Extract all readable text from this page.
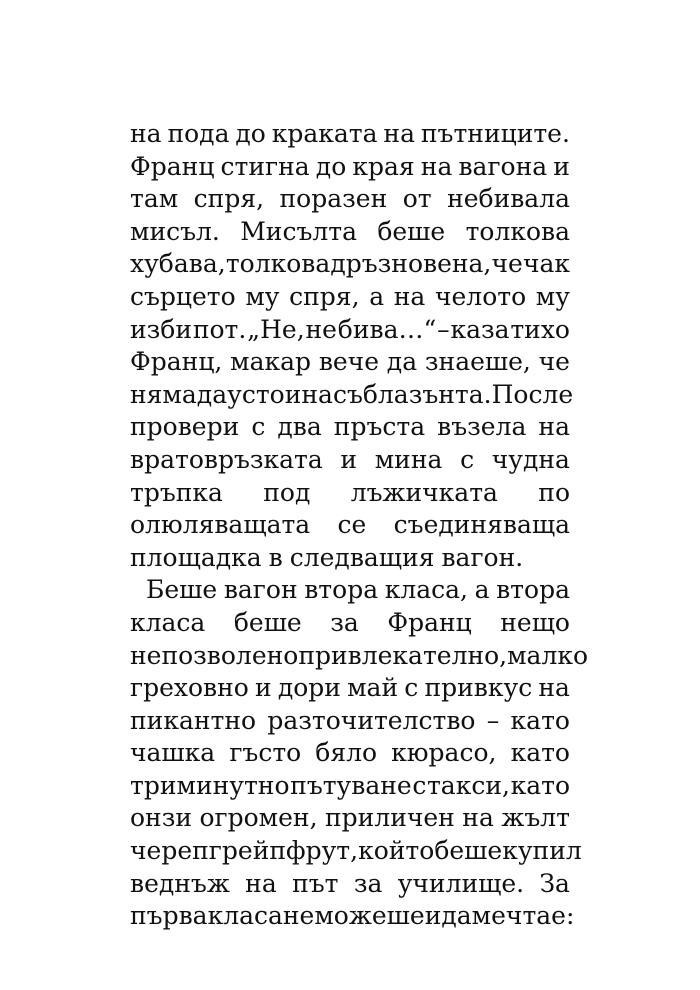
на пода до краката на пътниците.
Франц стигна до края на вагона и
там спря, поразен от небивала
мисъл. Мисълта беше толкова
хубава, толкова дръзновена, че чак
сърцето му спря, а на челото му
изби пот. „Не, не бива…“ – каза тихо
Франц, макар вече да знаеше, че
няма да устои на съблазънта. После
провери с два пръста възела на
вратовръзката и мина с чудна
тръпка под лъжичката по
олюляващата се съединяваща
площадка в следващия вагон.
Беше вагон втора класа, а втора
класа беше за Франц нещо
непозволено привлекателно, малко
греховно и дори май с привкус на
пикантно разточителство – като
чашка гъсто бяло кюрасо, като
триминутно пътуване с такси, като
онзи огромен, приличен на жълт
череп грейпфрут, който беше купил
веднъж на път за училище. За
първа класа не можеше и да мечтае:
